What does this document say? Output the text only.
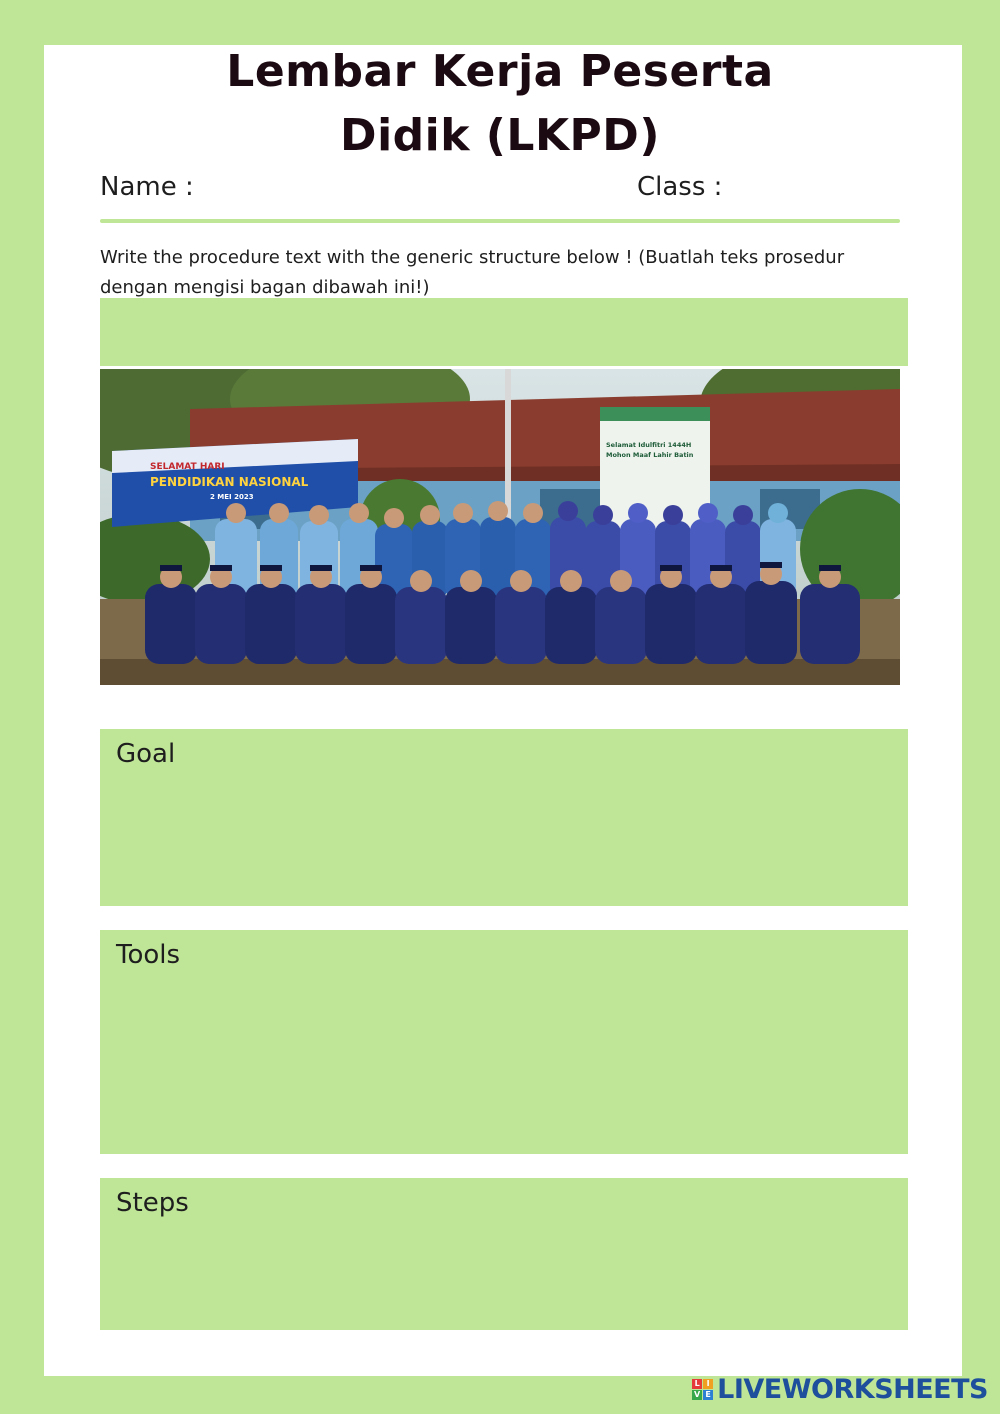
Lembar Kerja Peserta
Didik (LKPD)
Name :	Class :
Write the procedure text with the generic structure below ! (Buatlah teks prosedur dengan mengisi bagan dibawah ini!)
SELAMAT HARI
PENDIDIKAN NASIONAL
2 MEI 2023
Selamat Idulfitri 1444H
Mohon Maaf Lahir Batin
Goal
Tools
Steps
L I
V E LIVEWORKSHEETS
